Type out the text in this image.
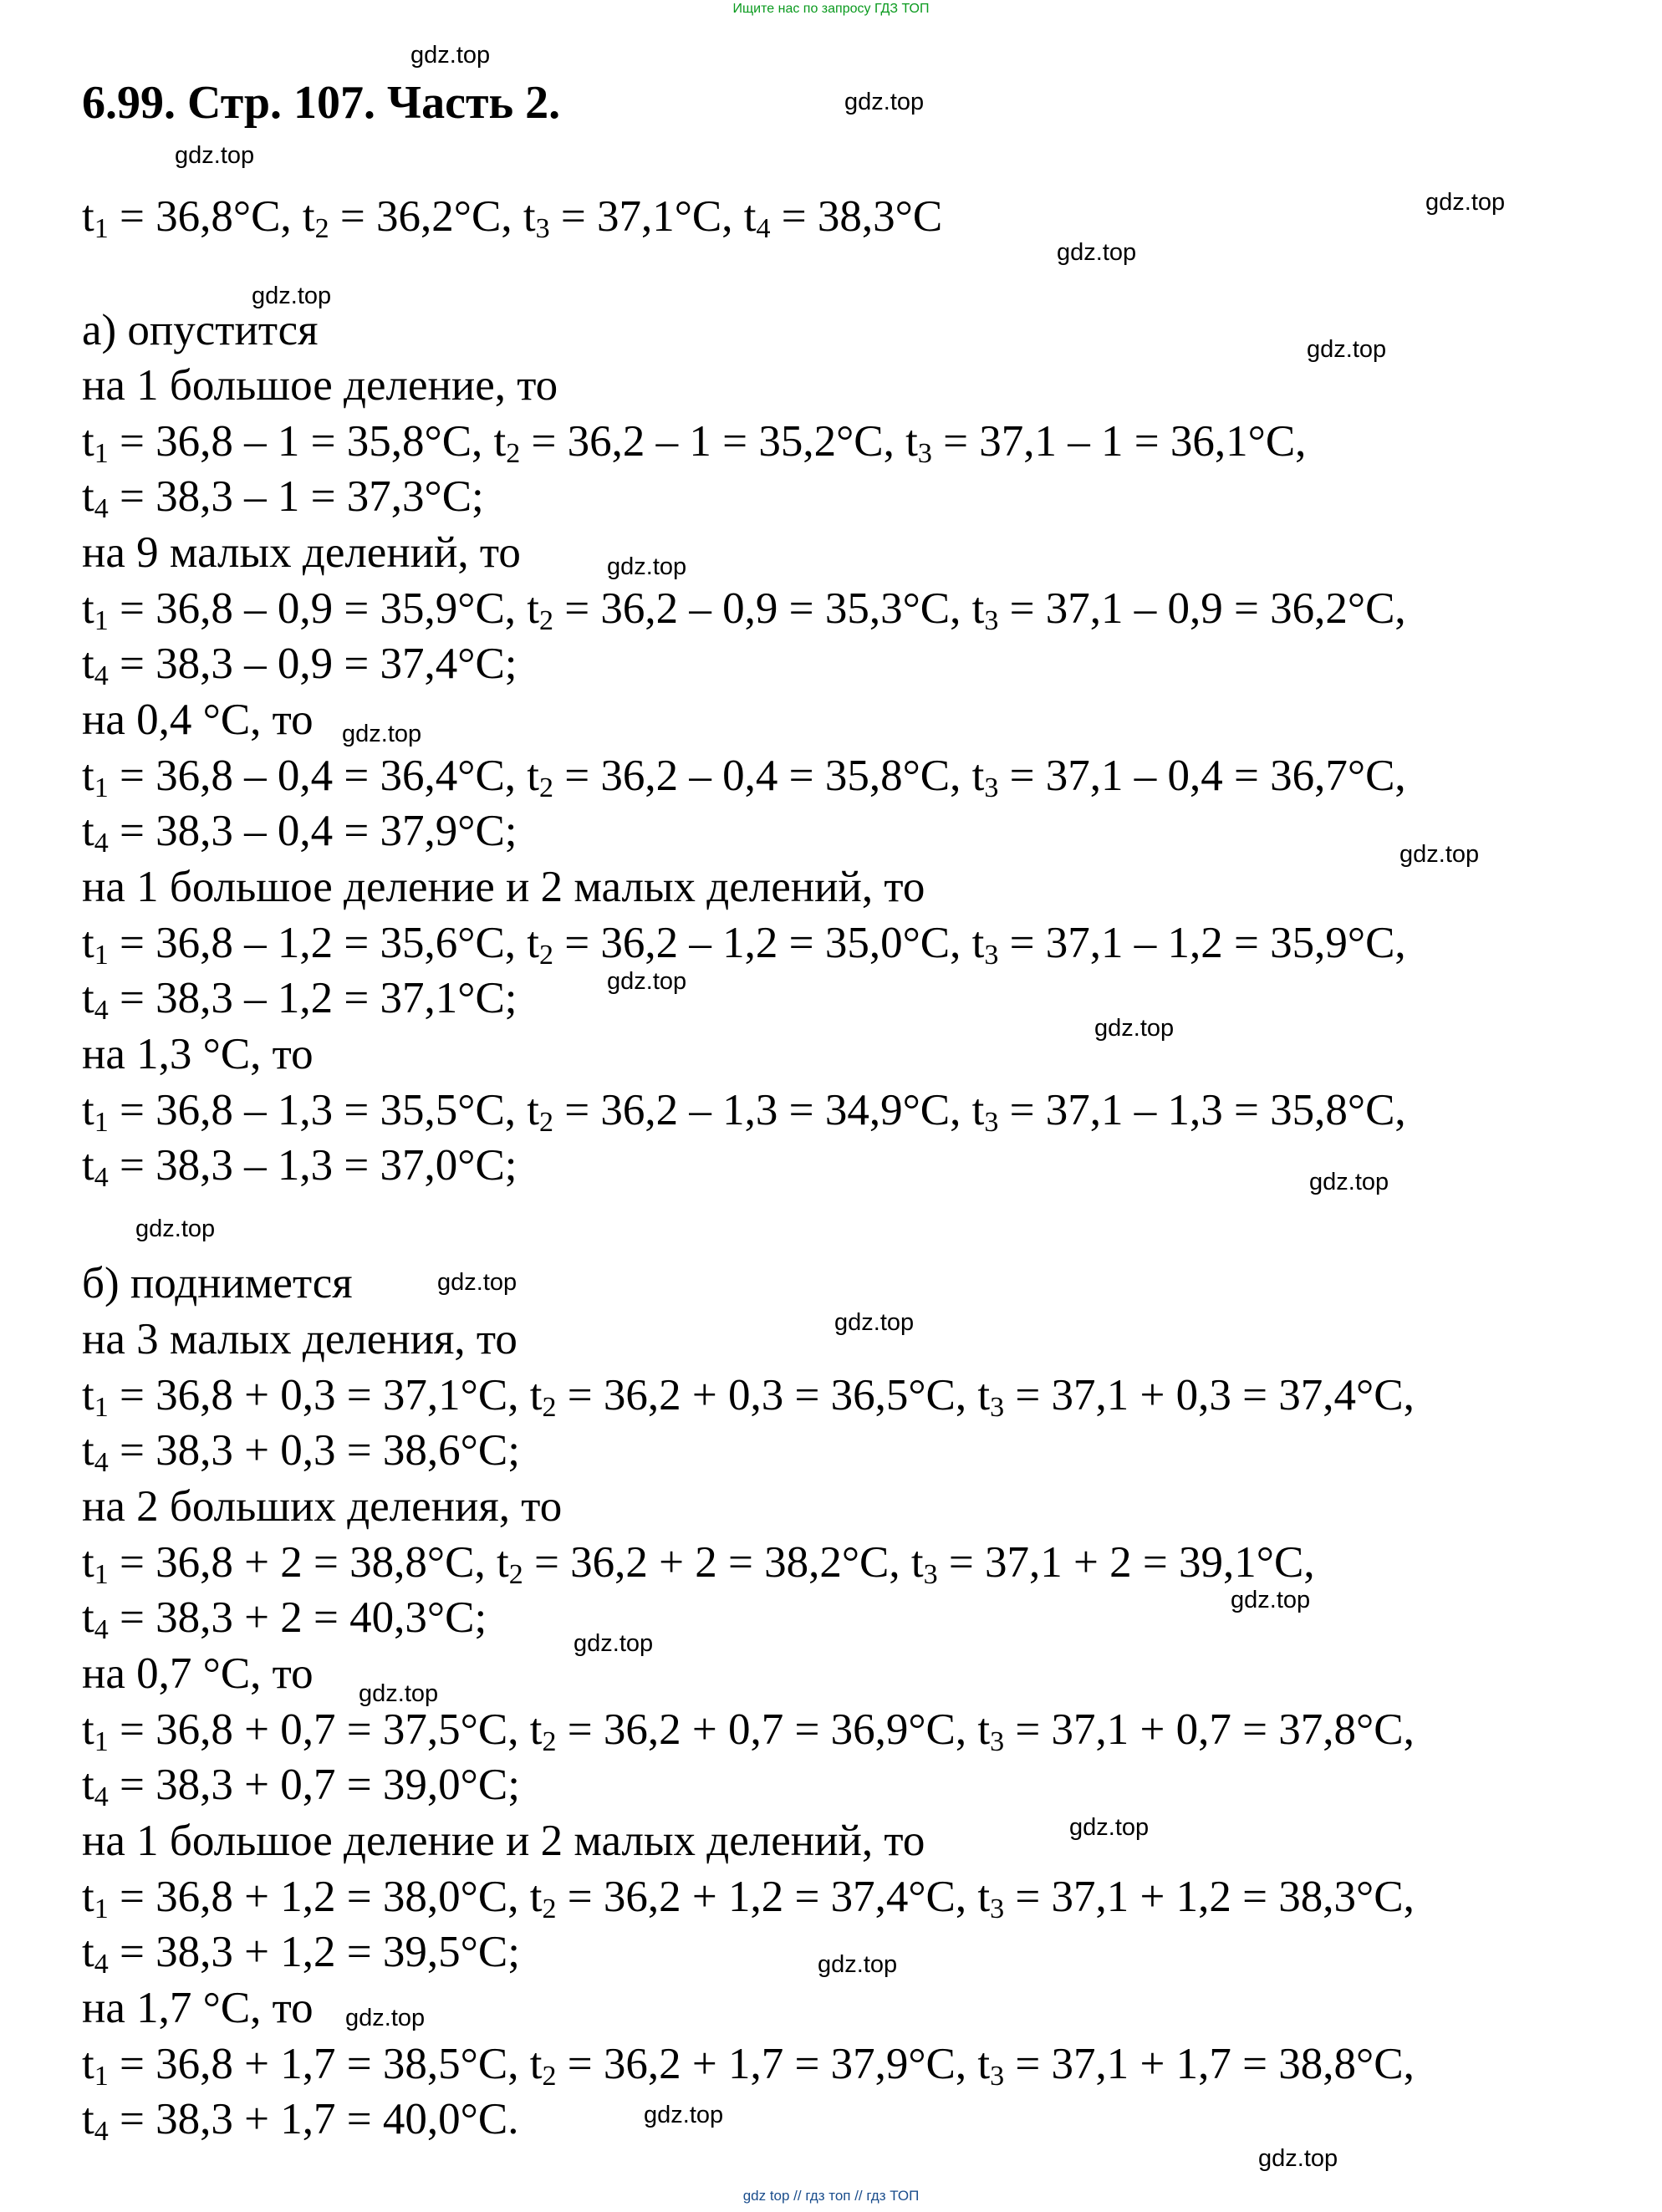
Ищите нас по запросу ГДЗ ТОП
6.99. Стр. 107. Часть 2.
$t_1 = 36,8^\circ C$, $t_2 = 36,2^\circ C$, $t_3 = 37,1^\circ C$, $t_4 = 38,3^\circ C$
а) опустится
на 1 большое деление, то
$t_1 = 36,8 - 1 = 35,8^\circ C$, $t_2 = 36,2 - 1 = 35,2^\circ C$, $t_3 = 37,1 - 1 = 36,1^\circ C$,
$t_4 = 38,3 - 1 = 37,3^\circ C$;
на 9 малых делений, то
$t_1 = 36,8 - 0,9 = 35,9^\circ C$, $t_2 = 36,2 - 0,9 = 35,3^\circ C$, $t_3 = 37,1 - 0,9 = 36,2^\circ C$,
$t_4 = 38,3 - 0,9 = 37,4^\circ C$;
на 0,4 °C, то
$t_1 = 36,8 - 0,4 = 36,4^\circ C$, $t_2 = 36,2 - 0,4 = 35,8^\circ C$, $t_3 = 37,1 - 0,4 = 36,7^\circ C$,
$t_4 = 38,3 - 0,4 = 37,9^\circ C$;
на 1 большое деление и 2 малых делений, то
$t_1 = 36,8 - 1,2 = 35,6^\circ C$, $t_2 = 36,2 - 1,2 = 35,0^\circ C$, $t_3 = 37,1 - 1,2 = 35,9^\circ C$,
$t_4 = 38,3 - 1,2 = 37,1^\circ C$;
на 1,3 °C, то
$t_1 = 36,8 - 1,3 = 35,5^\circ C$, $t_2 = 36,2 - 1,3 = 34,9^\circ C$, $t_3 = 37,1 - 1,3 = 35,8^\circ C$,
$t_4 = 38,3 - 1,3 = 37,0^\circ C$;
б) поднимется
на 3 малых деления, то
$t_1 = 36,8 + 0,3 = 37,1^\circ C$, $t_2 = 36,2 + 0,3 = 36,5^\circ C$, $t_3 = 37,1 + 0,3 = 37,4^\circ C$,
$t_4 = 38,3 + 0,3 = 38,6^\circ C$;
на 2 больших деления, то
$t_1 = 36,8 + 2 = 38,8^\circ C$, $t_2 = 36,2 + 2 = 38,2^\circ C$, $t_3 = 37,1 + 2 = 39,1^\circ C$,
$t_4 = 38,3 + 2 = 40,3^\circ C$;
на 0,7 °C, то
$t_1 = 36,8 + 0,7 = 37,5^\circ C$, $t_2 = 36,2 + 0,7 = 36,9^\circ C$, $t_3 = 37,1 + 0,7 = 37,8^\circ C$,
$t_4 = 38,3 + 0,7 = 39,0^\circ C$;
на 1 большое деление и 2 малых делений, то
$t_1 = 36,8 + 1,2 = 38,0^\circ C$, $t_2 = 36,2 + 1,2 = 37,4^\circ C$, $t_3 = 37,1 + 1,2 = 38,3^\circ C$,
$t_4 = 38,3 + 1,2 = 39,5^\circ C$;
на 1,7 °C, то
$t_1 = 36,8 + 1,7 = 38,5^\circ C$, $t_2 = 36,2 + 1,7 = 37,9^\circ C$, $t_3 = 37,1 + 1,7 = 38,8^\circ C$,
$t_4 = 38,3 + 1,7 = 40,0^\circ C$.
gdz.top
gdz.top
gdz.top
gdz.top
gdz.top
gdz.top
gdz.top
gdz.top
gdz.top
gdz.top
gdz.top
gdz.top
gdz.top
gdz.top
gdz.top
gdz.top
gdz.top
gdz.top
gdz.top
gdz.top
gdz.top
gdz.top
gdz.top
gdz.top
gdz top // гдз топ // гдз ТОП
